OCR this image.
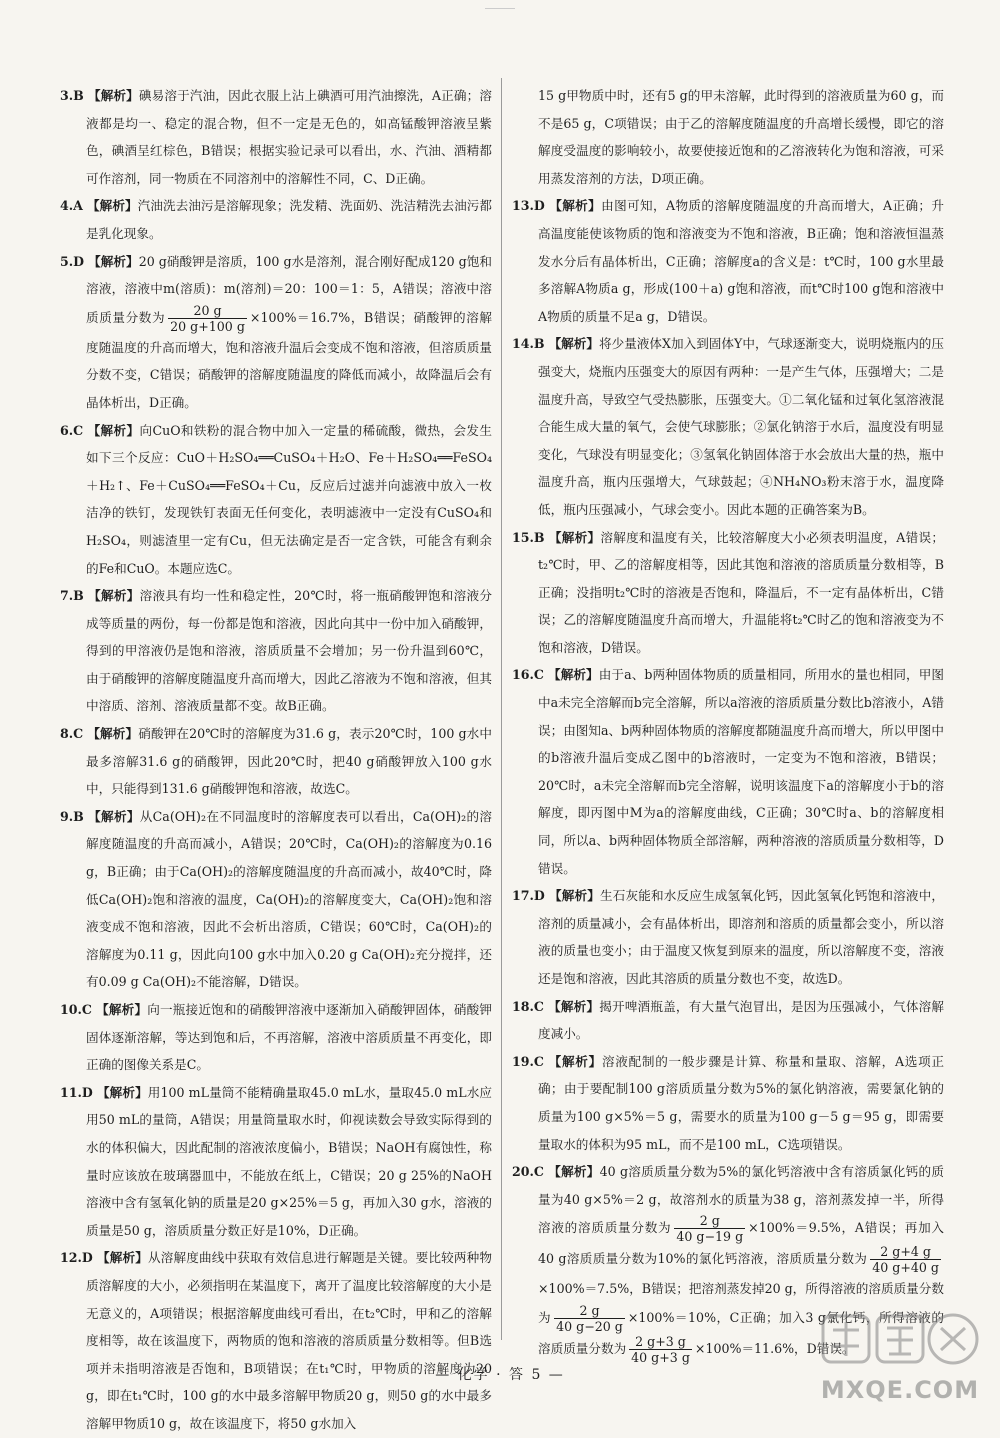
3.B 【解析】碘易溶于汽油，因此衣服上沾上碘酒可用汽油擦洗，A正确；溶液都是均一、稳定的混合物，但不一定是无色的，如高锰酸钾溶液呈紫色，碘酒呈红棕色，B错误；根据实验记录可以看出，水、汽油、酒精都可作溶剂，同一物质在不同溶剂中的溶解性不同，C、D正确。

4.A 【解析】汽油洗去油污是溶解现象；洗发精、洗面奶、洗洁精洗去油污都是乳化现象。

5.D 【解析】20 g硝酸钾是溶质，100 g水是溶剂，混合刚好配成120 g饱和溶液，溶液中m(溶质)：m(溶剂)＝20：100＝1：5，A错误；溶液中溶质质量分数为 $\frac{20 g}{20 g+100 g} \times 100\%=16.7\%$，B错误；硝酸钾的溶解度随温度的升高而增大，饱和溶液升温后会变成不饱和溶液，但溶质质量分数不变，C错误；硝酸钾的溶解度随温度的降低而减小，故降温后会有晶体析出，D正确。

6.C 【解析】向CuO和铁粉的混合物中加入一定量的稀硫酸，微热，会发生如下三个反应：CuO＋H₂SO₄══CuSO₄＋H₂O、Fe＋H₂SO₄══FeSO₄＋H₂↑、Fe＋CuSO₄══FeSO₄＋Cu，反应后过滤并向滤液中放入一枚洁净的铁钉，发现铁钉表面无任何变化，表明滤液中一定没有CuSO₄和H₂SO₄，则滤渣里一定有Cu，但无法确定是否一定含铁，可能含有剩余的Fe和CuO。本题应选C。

7.B 【解析】溶液具有均一性和稳定性，20℃时，将一瓶硝酸钾饱和溶液分成等质量的两份，每一份都是饱和溶液，因此向其中一份中加入硝酸钾，得到的甲溶液仍是饱和溶液，溶质质量不会增加；另一份升温到60℃，由于硝酸钾的溶解度随温度升高而增大，因此乙溶液为不饱和溶液，但其中溶质、溶剂、溶液质量都不变。故B正确。

8.C 【解析】硝酸钾在20℃时的溶解度为31.6 g，表示20℃时，100 g水中最多溶解31.6 g的硝酸钾，因此20℃时，把40 g硝酸钾放入100 g水中，只能得到131.6 g硝酸钾饱和溶液，故选C。

9.B 【解析】从Ca(OH)₂在不同温度时的溶解度表可以看出，Ca(OH)₂的溶解度随温度的升高而减小，A错误；20℃时，Ca(OH)₂的溶解度为0.16 g，B正确；由于Ca(OH)₂的溶解度随温度的升高而减小，故40℃时，降低Ca(OH)₂饱和溶液的温度，Ca(OH)₂的溶解度变大，Ca(OH)₂饱和溶液变成不饱和溶液，因此不会析出溶质，C错误；60℃时，Ca(OH)₂的溶解度为0.11 g，因此向100 g水中加入0.20 g Ca(OH)₂充分搅拌，还有0.09 g Ca(OH)₂不能溶解，D错误。

10.C 【解析】向一瓶接近饱和的硝酸钾溶液中逐渐加入硝酸钾固体，硝酸钾固体逐渐溶解，等达到饱和后，不再溶解，溶液中溶质质量不再变化，即正确的图像关系是C。

11.D 【解析】用100 mL量筒不能精确量取45.0 mL水，量取45.0 mL水应用50 mL的量筒，A错误；用量筒量取水时，仰视读数会导致实际得到的水的体积偏大，因此配制的溶液浓度偏小，B错误；NaOH有腐蚀性，称量时应该放在玻璃器皿中，不能放在纸上，C错误；20 g 25%的NaOH溶液中含有氢氧化钠的质量是20 g×25%＝5 g，再加入30 g水，溶液的质量是50 g，溶质质量分数正好是10%，D正确。

12.D 【解析】从溶解度曲线中获取有效信息进行解题是关键。要比较两种物质溶解度的大小，必须指明在某温度下，离开了温度比较溶解度的大小是无意义的，A项错误；根据溶解度曲线可看出，在t₂℃时，甲和乙的溶解度相等，故在该温度下，两物质的饱和溶液的溶质质量分数相等。但B选项并未指明溶液是否饱和，B项错误；在t₁℃时，甲物质的溶解度为20 g，即在t₁℃时，100 g的水中最多溶解甲物质20 g，则50 g的水中最多溶解甲物质10 g，故在该温度下，将50 g水加入

15 g甲物质中时，还有5 g的甲未溶解，此时得到的溶液质量为60 g，而不是65 g，C项错误；由于乙的溶解度随温度的升高增长缓慢，即它的溶解度受温度的影响较小，故要使接近饱和的乙溶液转化为饱和溶液，可采用蒸发溶剂的方法，D项正确。

13.D 【解析】由图可知，A物质的溶解度随温度的升高而增大，A正确；升高温度能使该物质的饱和溶液变为不饱和溶液，B正确；饱和溶液恒温蒸发水分后有晶体析出，C正确；溶解度a的含义是：t℃时，100 g水里最多溶解A物质a g，形成(100＋a) g饱和溶液，而t℃时100 g饱和溶液中A物质的质量不足a g，D错误。

14.B 【解析】将少量液体X加入到固体Y中，气球逐渐变大，说明烧瓶内的压强变大，烧瓶内压强变大的原因有两种：一是产生气体，压强增大；二是温度升高，导致空气受热膨胀，压强变大。①二氧化锰和过氧化氢溶液混合能生成大量的氧气，会使气球膨胀；②氯化钠溶于水后，温度没有明显变化，气球没有明显变化；③氢氧化钠固体溶于水会放出大量的热，瓶中温度升高，瓶内压强增大，气球鼓起；④NH₄NO₃粉末溶于水，温度降低，瓶内压强减小，气球会变小。因此本题的正确答案为B。

15.B 【解析】溶解度和温度有关，比较溶解度大小必须表明温度，A错误；t₂℃时，甲、乙的溶解度相等，因此其饱和溶液的溶质质量分数相等，B正确；没指明t₂℃时的溶液是否饱和，降温后，不一定有晶体析出，C错误；乙的溶解度随温度升高而增大，升温能将t₂℃时乙的饱和溶液变为不饱和溶液，D错误。

16.C 【解析】由于a、b两种固体物质的质量相同，所用水的量也相同，甲图中a未完全溶解而b完全溶解，所以a溶液的溶质质量分数比b溶液小，A错误；由图知a、b两种固体物质的溶解度都随温度升高而增大，所以甲图中的b溶液升温后变成乙图中的b溶液时，一定变为不饱和溶液，B错误；20℃时，a未完全溶解而b完全溶解，说明该温度下a的溶解度小于b的溶解度，即丙图中M为a的溶解度曲线，C正确；30℃时a、b的溶解度相同，所以a、b两种固体物质全部溶解，两种溶液的溶质质量分数相等，D错误。

17.D 【解析】生石灰能和水反应生成氢氧化钙，因此氢氧化钙饱和溶液中，溶剂的质量减小，会有晶体析出，即溶剂和溶质的质量都会变小，所以溶液的质量也变小；由于温度又恢复到原来的温度，所以溶解度不变，溶液还是饱和溶液，因此其溶质的质量分数也不变，故选D。

18.C 【解析】揭开啤酒瓶盖，有大量气泡冒出，是因为压强减小，气体溶解度减小。

19.C 【解析】溶液配制的一般步骤是计算、称量和量取、溶解，A选项正确；由于要配制100 g溶质质量分数为5%的氯化钠溶液，需要氯化钠的质量为100 g×5%＝5 g，需要水的质量为100 g－5 g＝95 g，即需要量取水的体积为95 mL，而不是100 mL，C选项错误。

20.C 【解析】40 g溶质质量分数为5%的氯化钙溶液中含有溶质氯化钙的质量为40 g×5%＝2 g，故溶剂水的质量为38 g，溶剂蒸发掉一半，所得溶液的溶质质量分数为 $\frac{2 g}{40 g-19 g} \times 100\%=9.5\%$，A错误；再加入40 g溶质质量分数为10%的氯化钙溶液，溶质质量分数为 $\frac{2 g+4 g}{40 g+40 g}$
×100%＝7.5%，B错误；把溶剂蒸发掉20 g，所得溶液的溶质质量分数为 $\frac{2 g}{40 g-20 g} \times 100\%=10\%$，C正确；加入3 g氯化钙，所得溶液的溶质质量分数为 $\frac{2 g+3 g}{40 g+3 g} \times 100\%=11.6\%$，D错误。

— 化学 · 答 5 —
MXQE.COM
